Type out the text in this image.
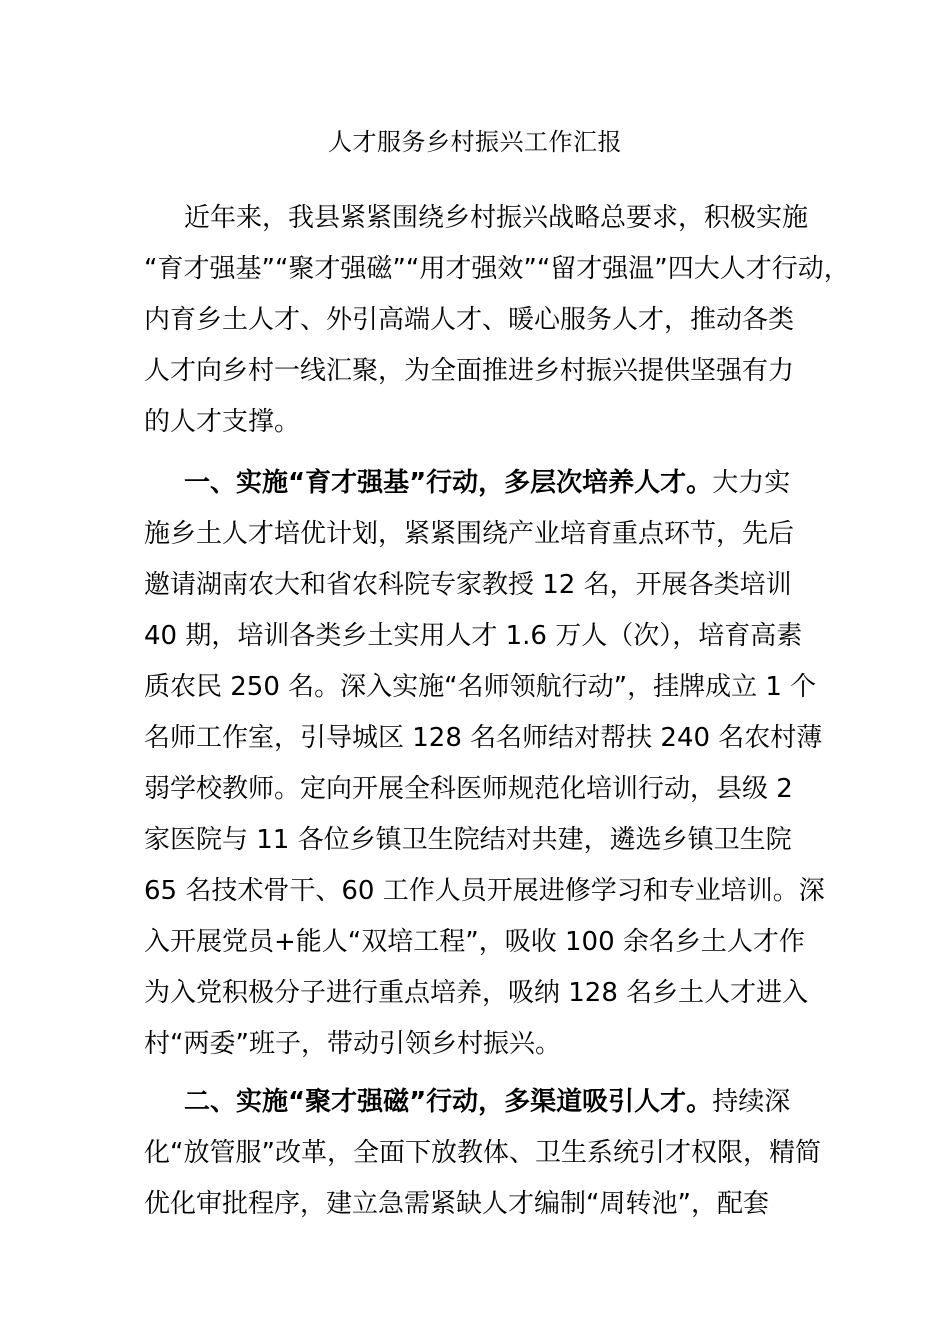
人才服务乡村振兴工作汇报
近年来，我县紧紧围绕乡村振兴战略总要求，积极实施
“育才强基”“聚才强磁”“用才强效”“留才强温”四大人才行动，
内育乡土人才、外引高端人才、暖心服务人才，推动各类
人才向乡村一线汇聚，为全面推进乡村振兴提供坚强有力
的人才支撑。
一、实施“育才强基”行动，多层次培养人才。大力实
施乡土人才培优计划，紧紧围绕产业培育重点环节，先后
邀请湖南农大和省农科院专家教授 12 名，开展各类培训
40 期，培训各类乡土实用人才 1.6 万人（次），培育高素
质农民 250 名。深入实施“名师领航行动”，挂牌成立 1 个
名师工作室，引导城区 128 名名师结对帮扶 240 名农村薄
弱学校教师。定向开展全科医师规范化培训行动，县级 2
家医院与 11 各位乡镇卫生院结对共建，遴选乡镇卫生院
65 名技术骨干、60 工作人员开展进修学习和专业培训。深
入开展党员+能人“双培工程”，吸收 100 余名乡土人才作
为入党积极分子进行重点培养，吸纳 128 名乡土人才进入
村“两委”班子，带动引领乡村振兴。
二、实施“聚才强磁”行动，多渠道吸引人才。持续深
化“放管服”改革，全面下放教体、卫生系统引才权限，精简
优化审批程序，建立急需紧缺人才编制“周转池”，配套
